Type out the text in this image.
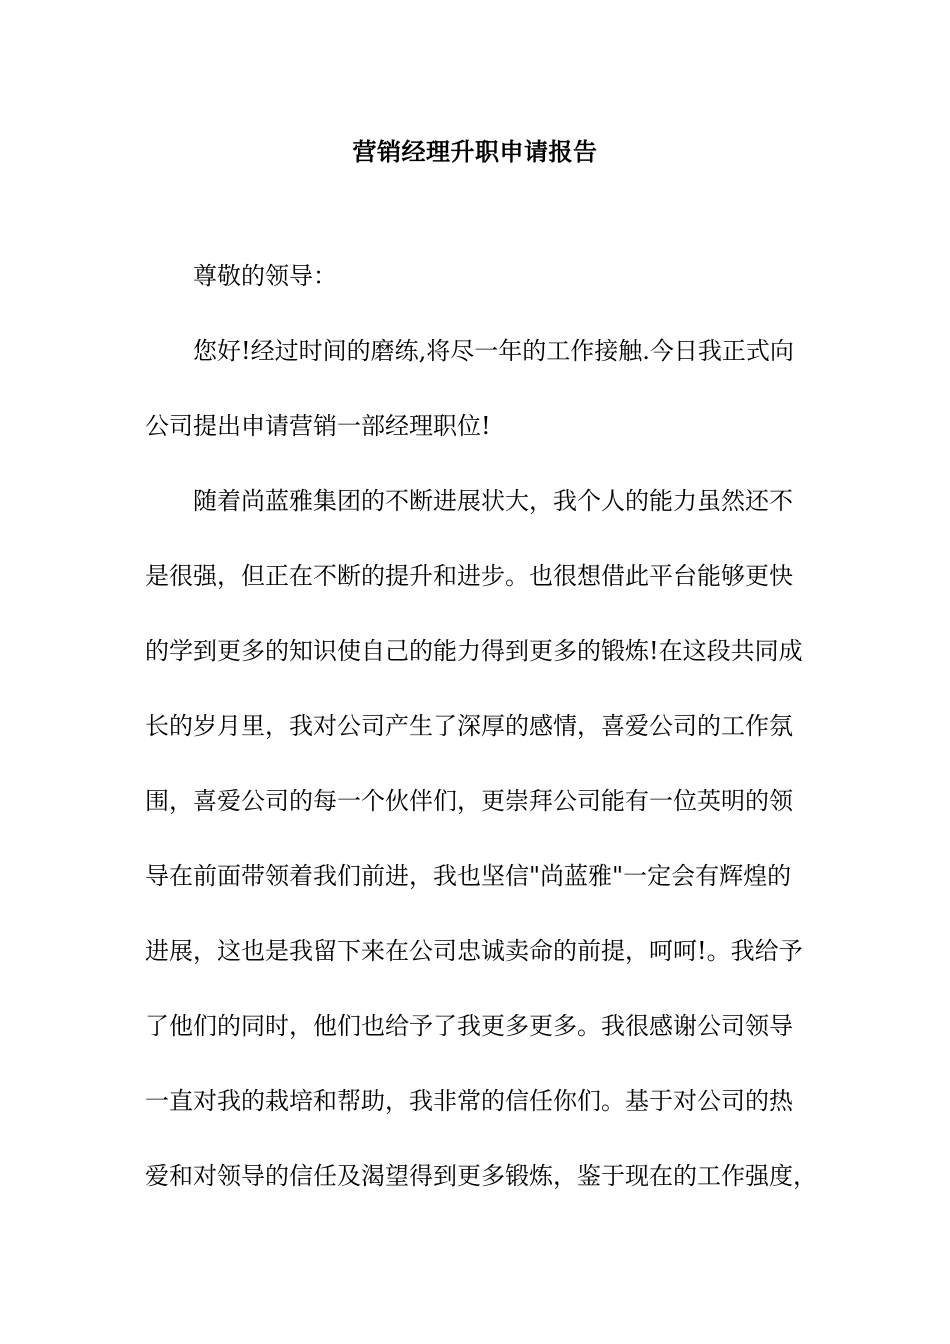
营销经理升职申请报告
尊敬的领导：
您好!经过时间的磨练,将尽一年的工作接触.今日我正式向
公司提出申请营销一部经理职位!
随着尚蓝雅集团的不断进展状大，我个人的能力虽然还不
是很强，但正在不断的提升和进步。也很想借此平台能够更快
的学到更多的知识使自己的能力得到更多的锻炼!在这段共同成
长的岁月里，我对公司产生了深厚的感情，喜爱公司的工作氛
围，喜爱公司的每一个伙伴们，更崇拜公司能有一位英明的领
导在前面带领着我们前进，我也坚信"尚蓝雅"一定会有辉煌的
进展，这也是我留下来在公司忠诚卖命的前提，呵呵!。我给予
了他们的同时，他们也给予了我更多更多。我很感谢公司领导
一直对我的栽培和帮助，我非常的信任你们。基于对公司的热
爱和对领导的信任及渴望得到更多锻炼，鉴于现在的工作强度，
